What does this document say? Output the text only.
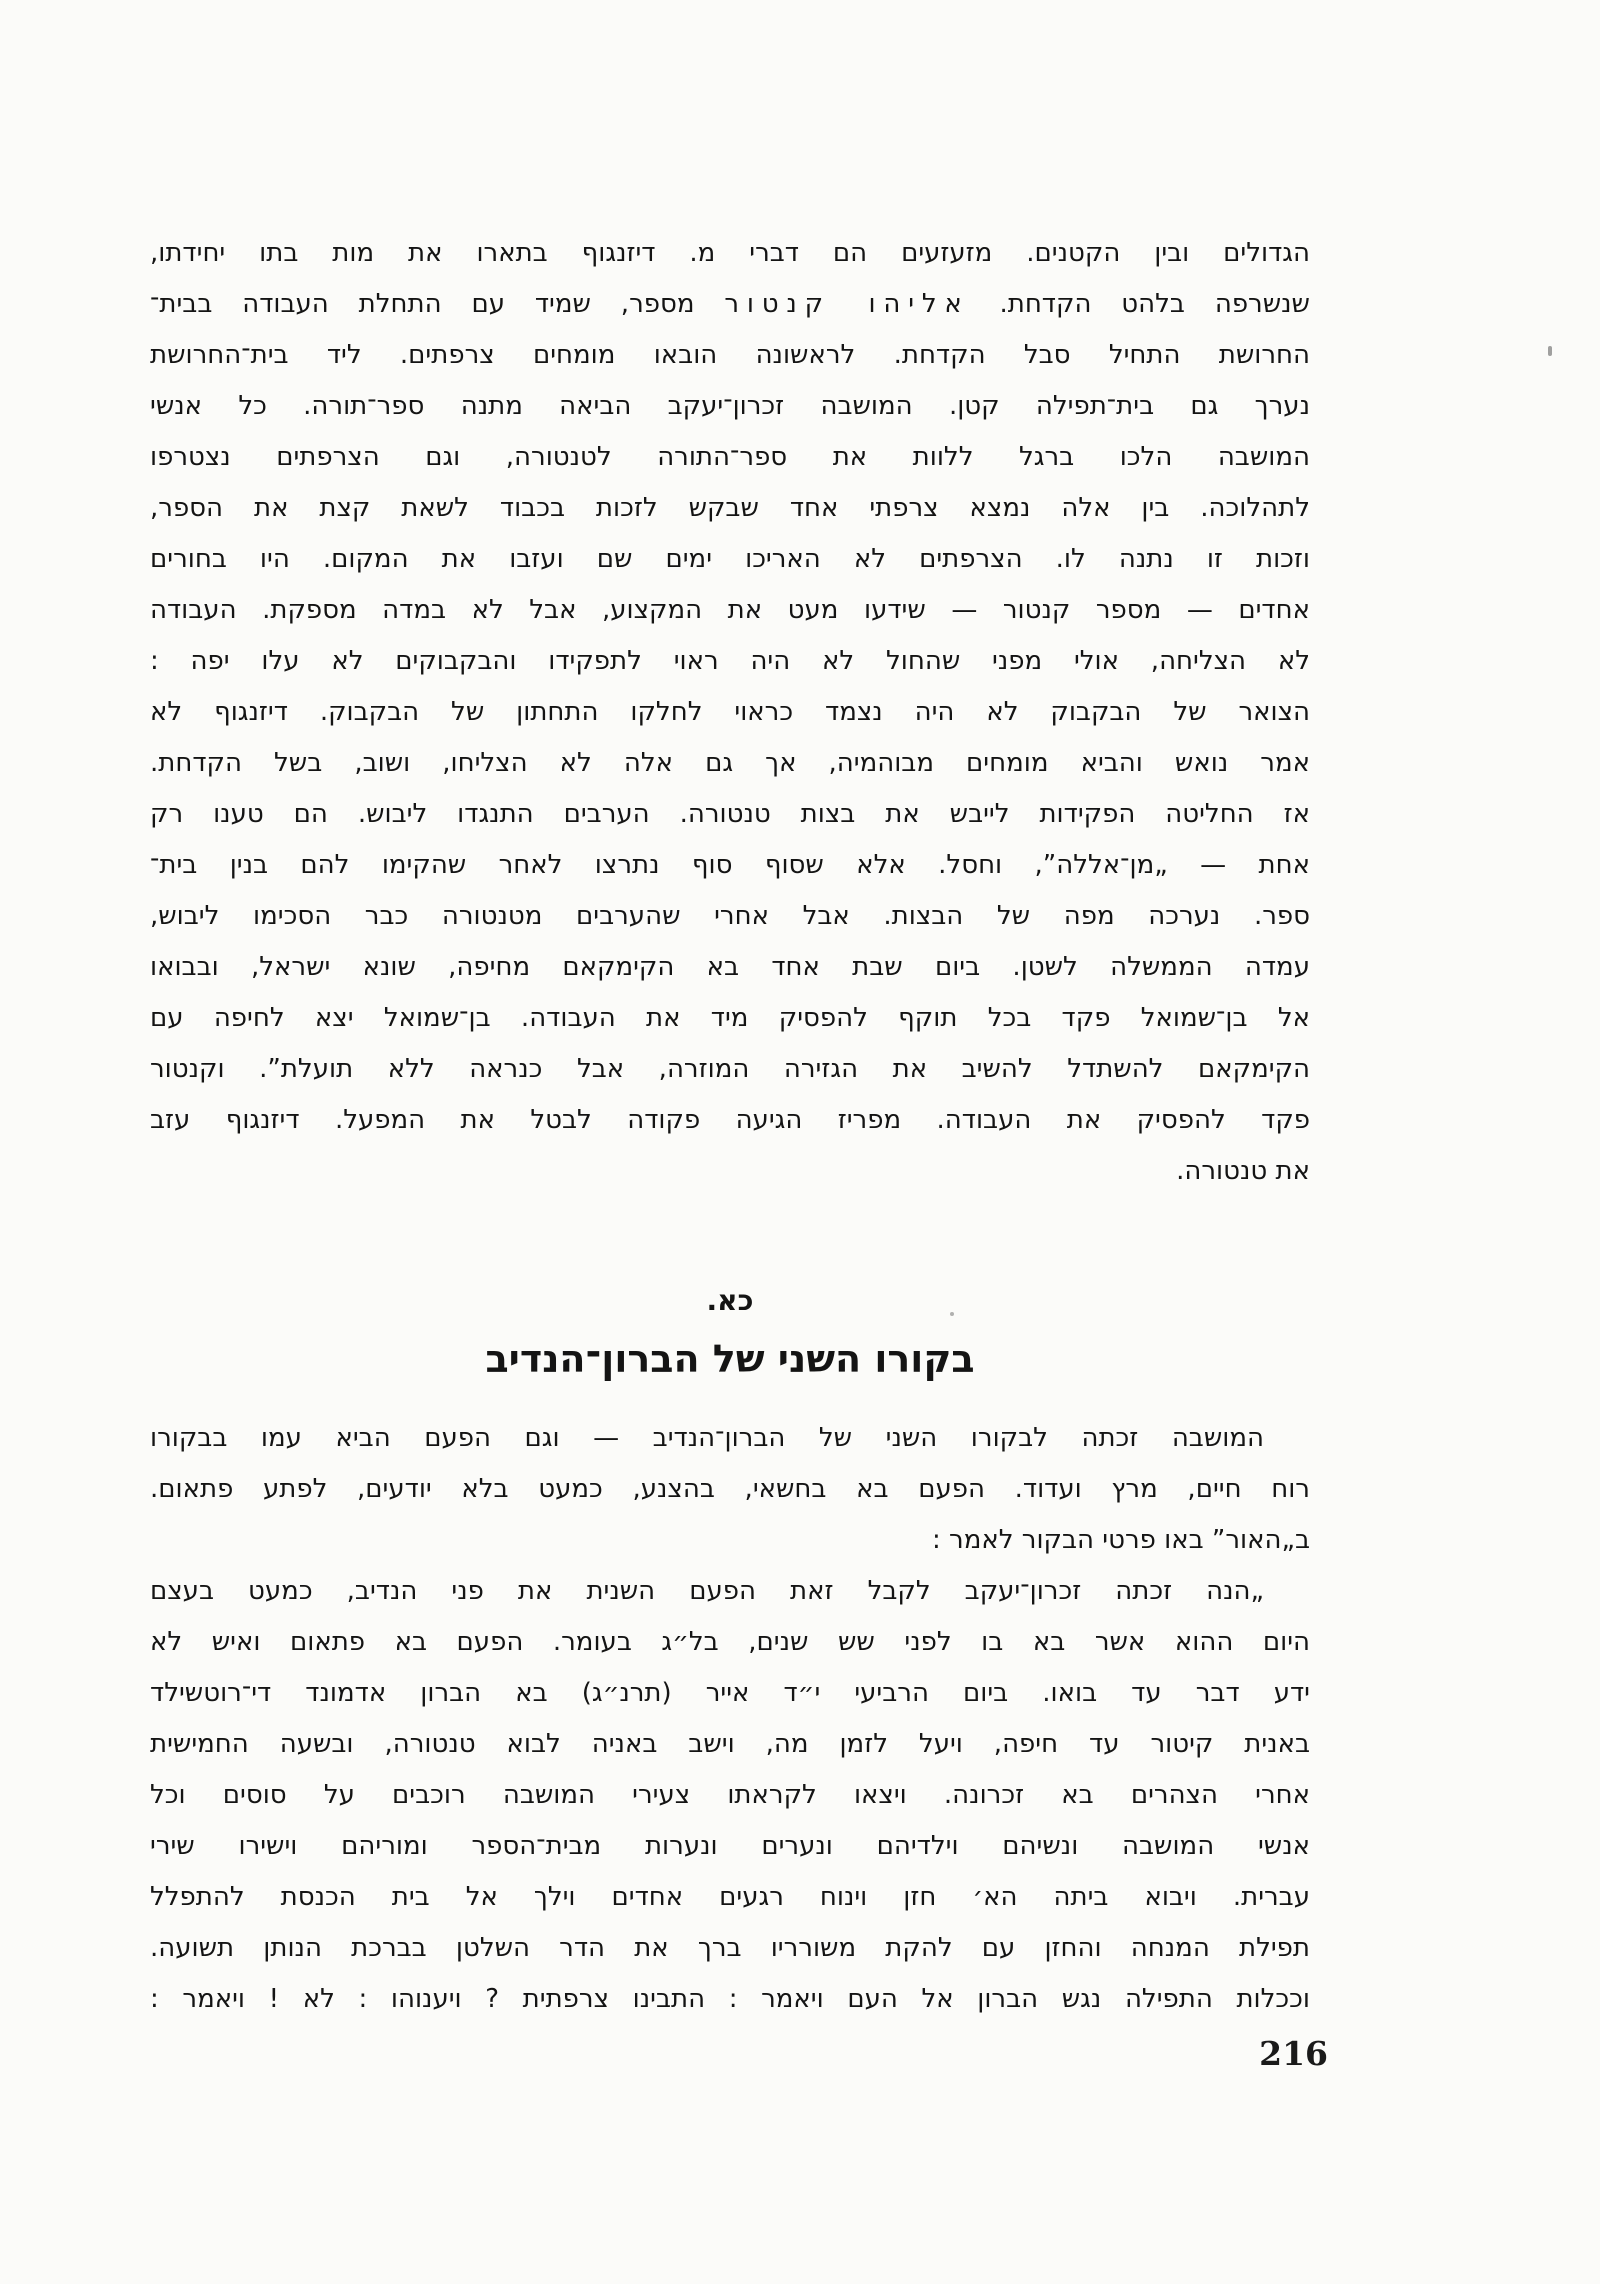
הגדולים ובין הקטנים. מזעזעים הם דברי מ. דיזנגוף בתארו את מות בתו יחידתו,
שנשרפה בלהט הקדחת. אליהו קנטור מספר, שמיד עם התחלת העבודה בבית־
החרושת התחיל סבל הקדחת. לראשונה הובאו מומחים צרפתים. ליד בית־החרושת
נערך גם בית־תפילה קטן. המושבה זכרון־יעקב הביאה מתנה ספר־תורה. כל אנשי
המושבה הלכו ברגל ללוות את ספר־התורה לטנטורה, וגם הצרפתים נצטרפו
לתהלוכה. בין אלה נמצא צרפתי אחד שבקש לזכות בכבוד לשאת קצת את הספר,
וזכות זו נתנה לו. הצרפתים לא האריכו ימים שם ועזבו את המקום. היו בחורים
אחדים — מספר קנטור — שידעו מעט את המקצוע, אבל לא במדה מספקת. העבודה
לא הצליחה, אולי מפני שהחול לא היה ראוי לתפקידו והבקבוקים לא עלו יפה :
הצואר של הבקבוק לא היה נצמד כראוי לחלקו התחתון של הבקבוק. דיזנגוף לא
אמר נואש והביא מומחים מבוהמיה, אך גם אלה לא הצליחו, ושוב, בשל הקדחת.
אז החליטה הפקידות לייבש את בצות טנטורה. הערבים התנגדו ליבוש. הם טענו רק
אחת — „מן־אללה”, וחסל. אלא שסוף סוף נתרצו לאחר שהקימו להם בנין בית־
ספר. נערכה מפה של הבצות. אבל אחרי שהערבים מטנטורה כבר הסכימו ליבוש,
עמדה הממשלה לשטן. ביום שבת אחד בא הקימקאם מחיפה, שונא ישראל, ובבואו
אל בן־שמואל פקד בכל תוקף להפסיק מיד את העבודה. בן־שמואל יצא לחיפה עם
הקימקאם להשתדל להשיב את הגזירה המוזרה, אבל כנראה ללא תועלת”. וקנטור
פקד להפסיק את העבודה. מפריז הגיעה פקודה לבטל את המפעל. דיזנגוף עזב
את טנטורה.
כא.
בקורו השני של הברון־הנדיב
המושבה זכתה לבקורו השני של הברון־הנדיב — וגם הפעם הביא עמו בבקורו
רוח חיים, מרץ ועדוד. הפעם בא בחשאי, בהצנע, כמעט בלא יודעים, לפתע פתאום.
ב„האור” באו פרטי הבקור לאמר :
„הנה זכתה זכרון־יעקב לקבל זאת הפעם השנית את פני הנדיב, כמעט בעצם
היום ההוא אשר בא בו לפני שש שנים, בל״ג בעומר. הפעם בא פתאום ואיש לא
ידע דבר עד בואו. ביום הרביעי י״ד אייר (תרנ״ג) בא הברון אדמונד די־רוטשילד
באנית קיטור עד חיפה, ויעל לזמן מה, וישב באניה לבוא טנטורה, ובשעה החמישית
אחרי הצהרים בא זכרונה. ויצאו לקראתו צעירי המושבה רוכבים על סוסים וכל
אנשי המושבה ונשיהם וילדיהם ונערים ונערות מבית־הספר ומוריהם וישירו שירי
עברית. ויבוא ביתה הא׳ חזן וינוח רגעים אחדים וילך אל בית הכנסת להתפלל
תפילת המנחה והחזן עם להקת משורריו ברך את הדר השלטן בברכת הנותן תשועה.
וככלות התפילה נגש הברון אל העם ויאמר : התבינו צרפתית ? ויענוהו : לא ! ויאמר :
216
